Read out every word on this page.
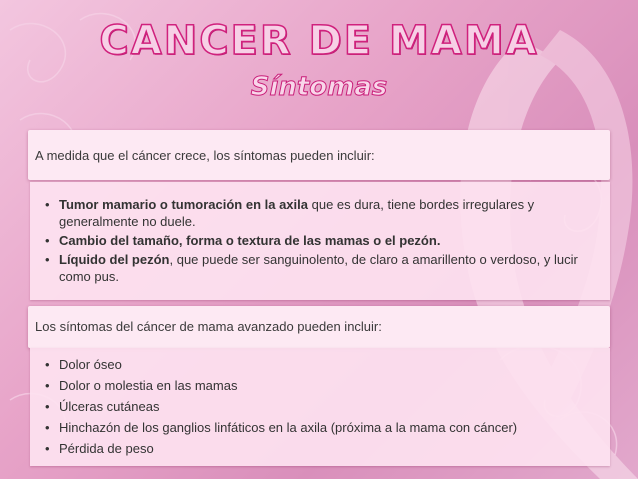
CANCER DE MAMA
Síntomas
A medida que el cáncer crece, los síntomas pueden incluir:
• Tumor mamario o tumoración en la axila que es dura, tiene bordes irregulares y generalmente no duele.
• Cambio del tamaño, forma o textura de las mamas o el pezón.
• Líquido del pezón, que puede ser sanguinolento, de claro a amarillento o verdoso, y lucir como pus.
Los síntomas del cáncer de mama avanzado pueden incluir:
• Dolor óseo
• Dolor o molestia en las mamas
• Úlceras cutáneas
• Hinchazón de los ganglios linfáticos en la axila (próxima a la mama con cáncer)
• Pérdida de peso
